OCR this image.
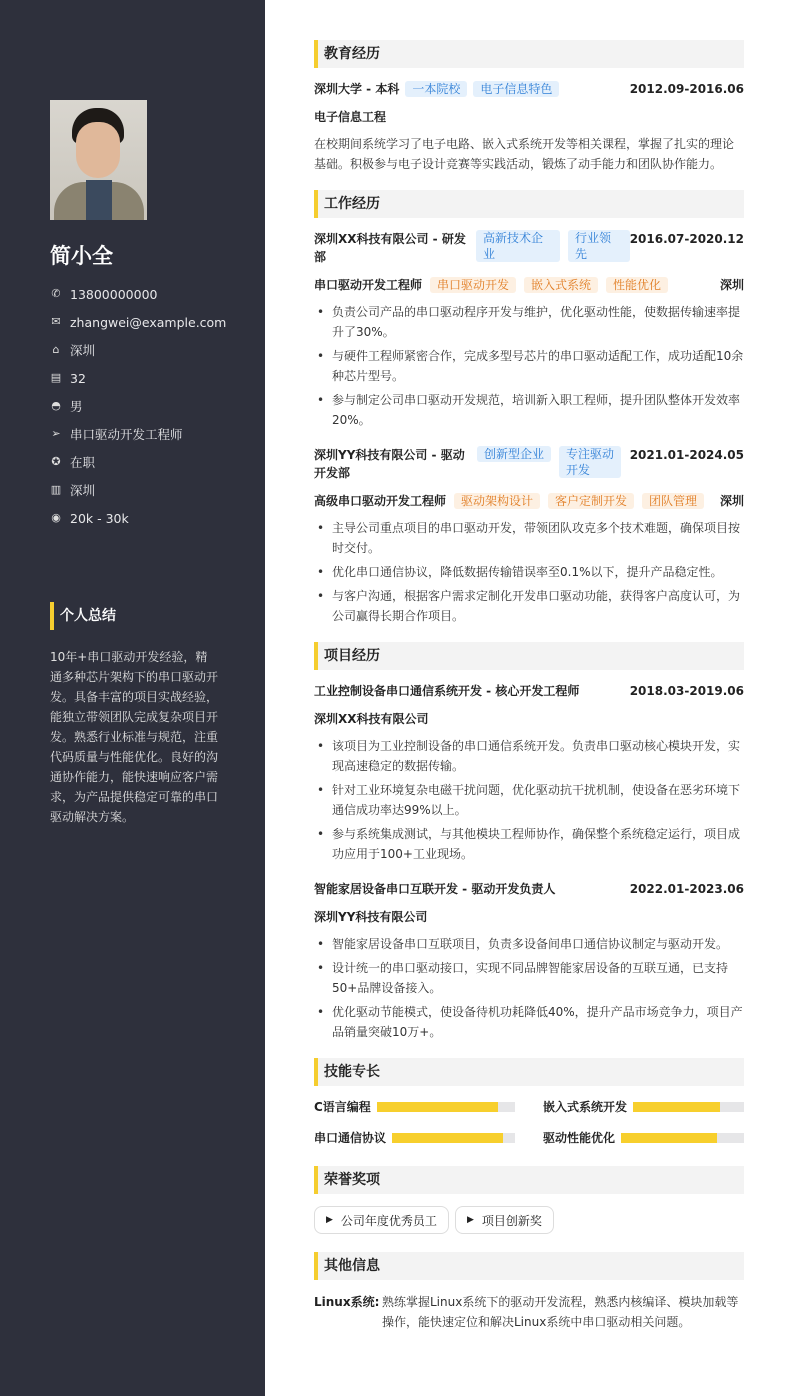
简小全
✆ 13800000000
✉ zhangwei@example.com
⌂ 深圳
▤ 32
◓ 男
➢ 串口驱动开发工程师
✪ 在职
▥ 深圳
◉ 20k - 30k
个人总结
10年+串口驱动开发经验，精通多种芯片架构下的串口驱动开发。具备丰富的项目实战经验，能独立带领团队完成复杂项目开发。熟悉行业标准与规范，注重代码质量与性能优化。良好的沟通协作能力，能快速响应客户需求，为产品提供稳定可靠的串口驱动解决方案。
教育经历
深圳大学 - 本科 一本院校 电子信息特色	2012.09-2016.06
电子信息工程

在校期间系统学习了电子电路、嵌入式系统开发等相关课程，掌握了扎实的理论基础。积极参与电子设计竞赛等实践活动，锻炼了动手能力和团队协作能力。

工作经历
深圳XX科技有限公司 - 研发部
高新技术企业
行业领先
2016.07-2020.12
串口驱动开发工程师 串口驱动开发 嵌入式系统 性能优化	深圳
• 负责公司产品的串口驱动程序开发与维护，优化驱动性能，使数据传输速率提升了30%。
• 与硬件工程师紧密合作，完成多型号芯片的串口驱动适配工作，成功适配10余种芯片型号。
• 参与制定公司串口驱动开发规范，培训新入职工程师，提升团队整体开发效率20%。
深圳YY科技有限公司 - 驱动开发部
创新型企业	专注驱动开发
2021.01-2024.05
高级串口驱动开发工程师 驱动架构设计 客户定制开发 团队管理	深圳
• 主导公司重点项目的串口驱动开发，带领团队攻克多个技术难题，确保项目按时交付。
• 优化串口通信协议，降低数据传输错误率至0.1%以下，提升产品稳定性。
• 与客户沟通，根据客户需求定制化开发串口驱动功能，获得客户高度认可，为公司赢得长期合作项目。
项目经历
工业控制设备串口通信系统开发 - 核心开发工程师	2018.03-2019.06
深圳XX科技有限公司
• 该项目为工业控制设备的串口通信系统开发。负责串口驱动核心模块开发，实现高速稳定的数据传输。
• 针对工业环境复杂电磁干扰问题，优化驱动抗干扰机制，使设备在恶劣环境下通信成功率达99%以上。
• 参与系统集成测试，与其他模块工程师协作，确保整个系统稳定运行，项目成功应用于100+工业现场。
智能家居设备串口互联开发 - 驱动开发负责人	2022.01-2023.06
深圳YY科技有限公司
• 智能家居设备串口互联项目，负责多设备间串口通信协议制定与驱动开发。
• 设计统一的串口驱动接口，实现不同品牌智能家居设备的互联互通，已支持50+品牌设备接入。
• 优化驱动节能模式，使设备待机功耗降低40%，提升产品市场竞争力，项目产品销量突破10万+。
技能专长
C语言编程	嵌入式系统开发
串口通信协议	驱动性能优化
荣誉奖项
▶ 公司年度优秀员工	▶ 项目创新奖
其他信息
Linux系统: 熟练掌握Linux系统下的驱动开发流程，熟悉内核编译、模块加载等操作，能快速定位和解决Linux系统中串口驱动相关问题。
